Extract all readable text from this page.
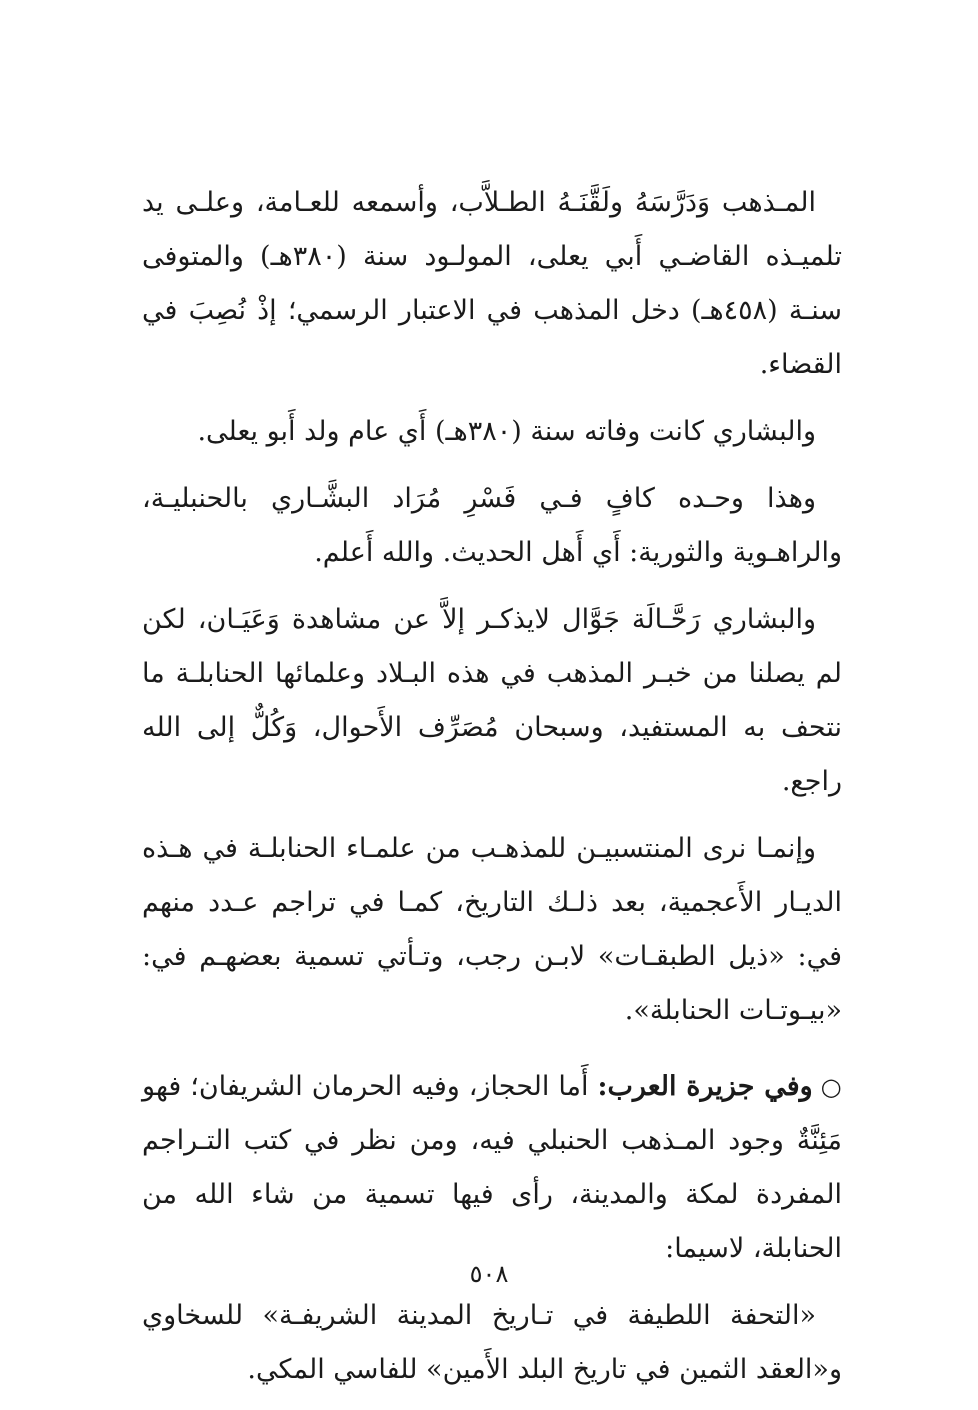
المـذهب وَدَرَّسَهُ ولَقَّنَـهُ الطـلاَّب، وأسمعه للعـامة، وعلـى يد تلميـذه القاضـي أَبي يعلى، المولـود سنة (٣٨٠هـ) والمتوفى سنـة (٤٥٨هـ) دخل المذهب في الاعتبار الرسمي؛ إذْ نُصِبَ في القضاء.

والبشاري كانت وفاته سنة (٣٨٠هـ) أَي عام ولد أَبو يعلى.

وهذا وحـده كافٍ فـي فَسْرِ مُرَاد البشَّـاري بالحنبليـة، والراهـوية والثورية: أَي أَهل الحديث. والله أَعلم.

والبشاري رَحَّـالَة جَوَّال لايذكـر إلاَّ عن مشاهدة وَعَيَـان، لكن لم يصلنا من خبـر المذهب في هذه البـلاد وعلمائها الحنابلـة ما نتحف به المستفيد، وسبحان مُصَرِّف الأَحوال، وَكُلٌّ إلى الله راجع.

وإنمـا نرى المنتسبيـن للمذهـب من علمـاء الحنابلـة في هـذه الديـار الأَعجمية، بعد ذلـك التاريخ، كمـا في تراجم عـدد منهم في: «ذيل الطبقـات» لابـن رجب، وتـأتي تسمية بعضهـم في: «بيـوتـات الحنابلة».

○وفي جزيرة العرب: أَما الحجاز، وفيه الحرمان الشريفان؛ فهو مَئِنَّةٌ وجود المـذهب الحنبلي فيه، ومن نظر في كتب التـراجم المفردة لمكة والمدينة، رأى فيها تسمية من شاء الله من الحنابلة، لاسيما:

«التحفة اللطيفة في تـاريخ المدينة الشريفـة» للسخاوي و«العقد الثمين في تاريخ البلد الأَمين» للفاسي المكي.

٥٠٨
